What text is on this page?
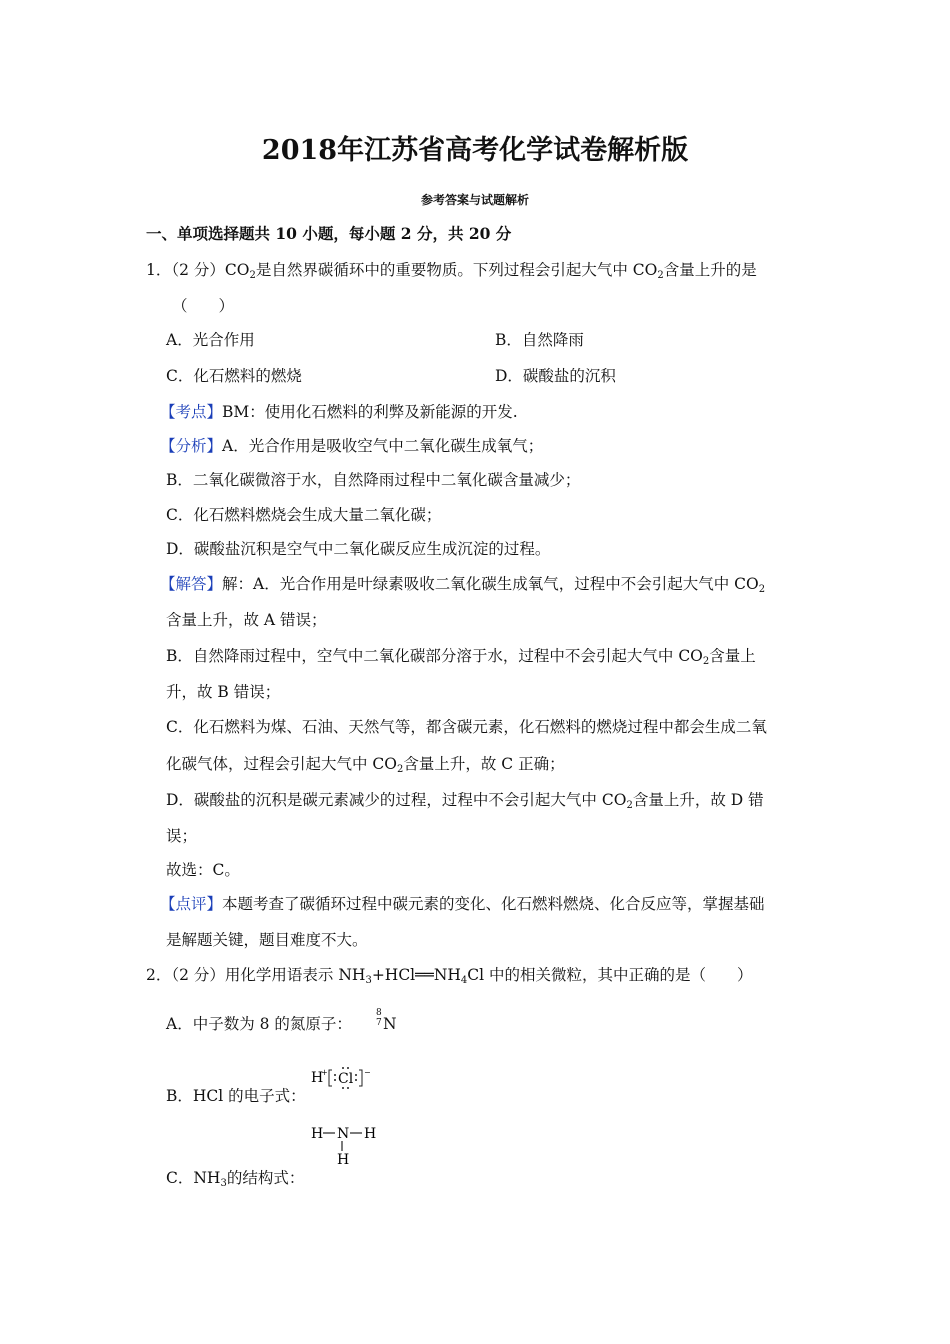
2018年江苏省高考化学试卷解析版
参考答案与试题解析
一、单项选择题共 10 小题，每小题 2 分，共 20 分
1．（2 分）$CO_2$是自然界碳循环中的重要物质。下列过程会引起大气中 $CO_2$含量上升的是
（　　）
A．光合作用	B．自然降雨
C．化石燃料的燃烧	D．碳酸盐的沉积
【考点】BM：使用化石燃料的利弊及新能源的开发.
【分析】A．光合作用是吸收空气中二氧化碳生成氧气；
B．二氧化碳微溶于水，自然降雨过程中二氧化碳含量减少；
C．化石燃料燃烧会生成大量二氧化碳；
D．碳酸盐沉积是空气中二氧化碳反应生成沉淀的过程。
【解答】解：A．光合作用是叶绿素吸收二氧化碳生成氧气，过程中不会引起大气中 $CO_2$
含量上升，故 A 错误；
B．自然降雨过程中，空气中二氧化碳部分溶于水，过程中不会引起大气中 $CO_2$含量上
升，故 B 错误；
C．化石燃料为煤、石油、天然气等，都含碳元素，化石燃料的燃烧过程中都会生成二氧
化碳气体，过程会引起大气中 $CO_2$含量上升，故 C 正确；
D．碳酸盐的沉积是碳元素减少的过程，过程中不会引起大气中 $CO_2$含量上升，故 D 错
误；
故选：C。
【点评】本题考查了碳循环过程中碳元素的变化、化石燃料燃烧、化合反应等，掌握基础
是解题关键，题目难度不大。
2．（2 分）用化学用语表示 $NH_3+HCl══NH_4Cl$ 中的相关微粒，其中正确的是（　　）
A．中子数为 8 的氮原子：
8
7 N
B．HCl 的电子式：
H
+ Cl −
C．$NH_3$的结构式：
H N H
H
